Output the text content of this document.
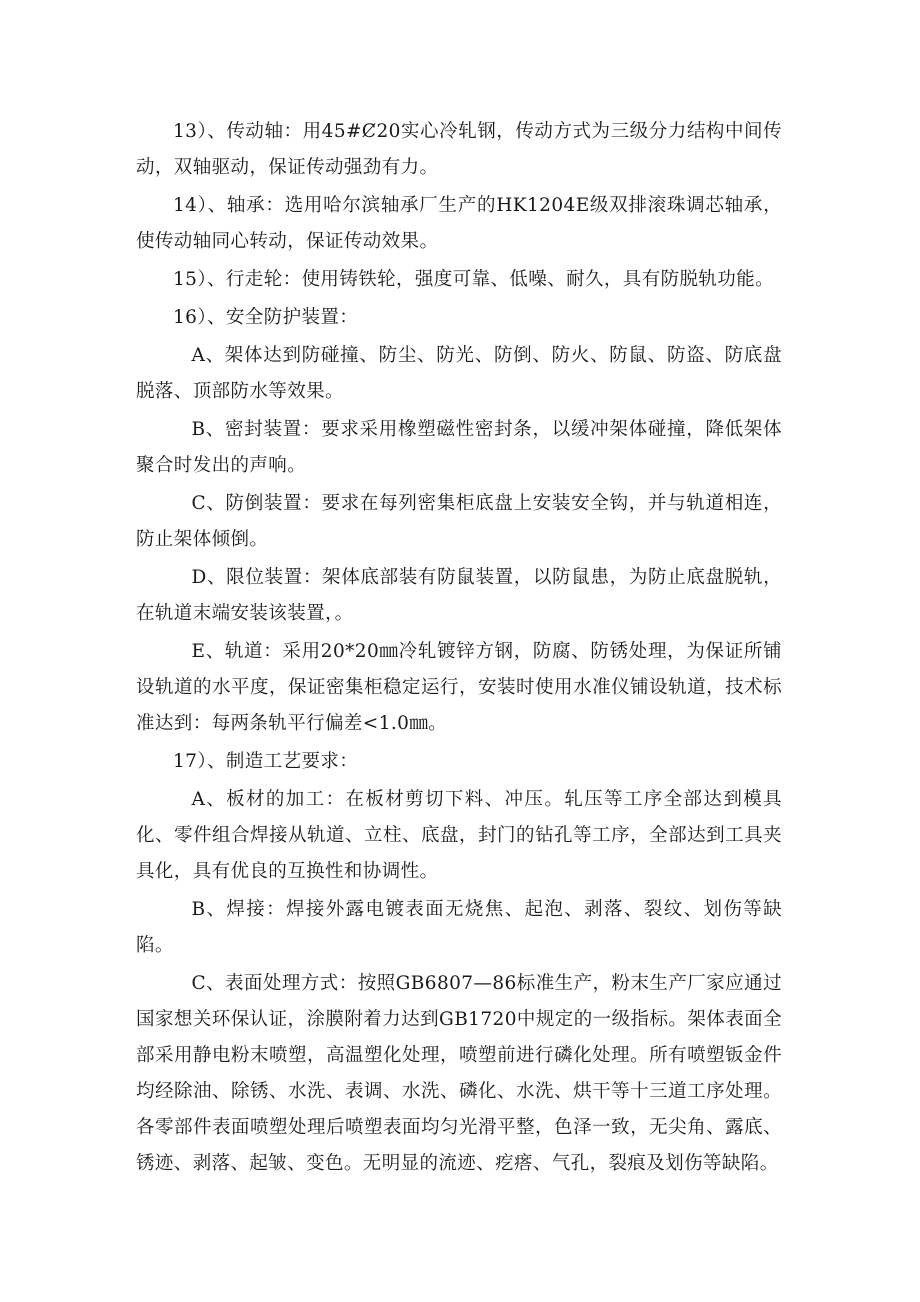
13）、传动轴：用45#Ȼ20实心冷轧钢，传动方式为三级分力结构中间传动，双轴驱动，保证传动强劲有力。

14）、轴承：选用哈尔滨轴承厂生产的HK1204E级双排滚珠调芯轴承，使传动轴同心转动，保证传动效果。

15）、行走轮：使用铸铁轮，强度可靠、低噪、耐久，具有防脱轨功能。

16）、安全防护装置：

A、架体达到防碰撞、防尘、防光、防倒、防火、防鼠、防盗、防底盘脱落、顶部防水等效果。

B、密封装置：要求采用橡塑磁性密封条，以缓冲架体碰撞，降低架体聚合时发出的声响。

C、防倒装置：要求在每列密集柜底盘上安装安全钩，并与轨道相连，防止架体倾倒。

D、限位装置：架体底部装有防鼠装置，以防鼠患，为防止底盘脱轨，在轨道末端安装该装置，。

E、轨道：采用20*20㎜冷轧镀锌方钢，防腐、防锈处理，为保证所铺设轨道的水平度，保证密集柜稳定运行，安装时使用水准仪铺设轨道，技术标准达到：每两条轨平行偏差<1.0㎜。

17）、制造工艺要求：

A、板材的加工：在板材剪切下料、冲压。轧压等工序全部达到模具化、零件组合焊接从轨道、立柱、底盘，封门的钻孔等工序，全部达到工具夹具化，具有优良的互换性和协调性。

B、焊接：焊接外露电镀表面无烧焦、起泡、剥落、裂纹、划伤等缺陷。

C、表面处理方式：按照GB6807—86标准生产，粉末生产厂家应通过国家想关环保认证，涂膜附着力达到GB1720中规定的一级指标。架体表面全部采用静电粉末喷塑，高温塑化处理，喷塑前进行磷化处理。所有喷塑钣金件均经除油、除锈、水洗、表调、水洗、磷化、水洗、烘干等十三道工序处理。各零部件表面喷塑处理后喷塑表面均匀光滑平整，色泽一致，无尖角、露底、锈迹、剥落、起皱、变色。无明显的流迹、疙瘩、气孔，裂痕及划伤等缺陷。
